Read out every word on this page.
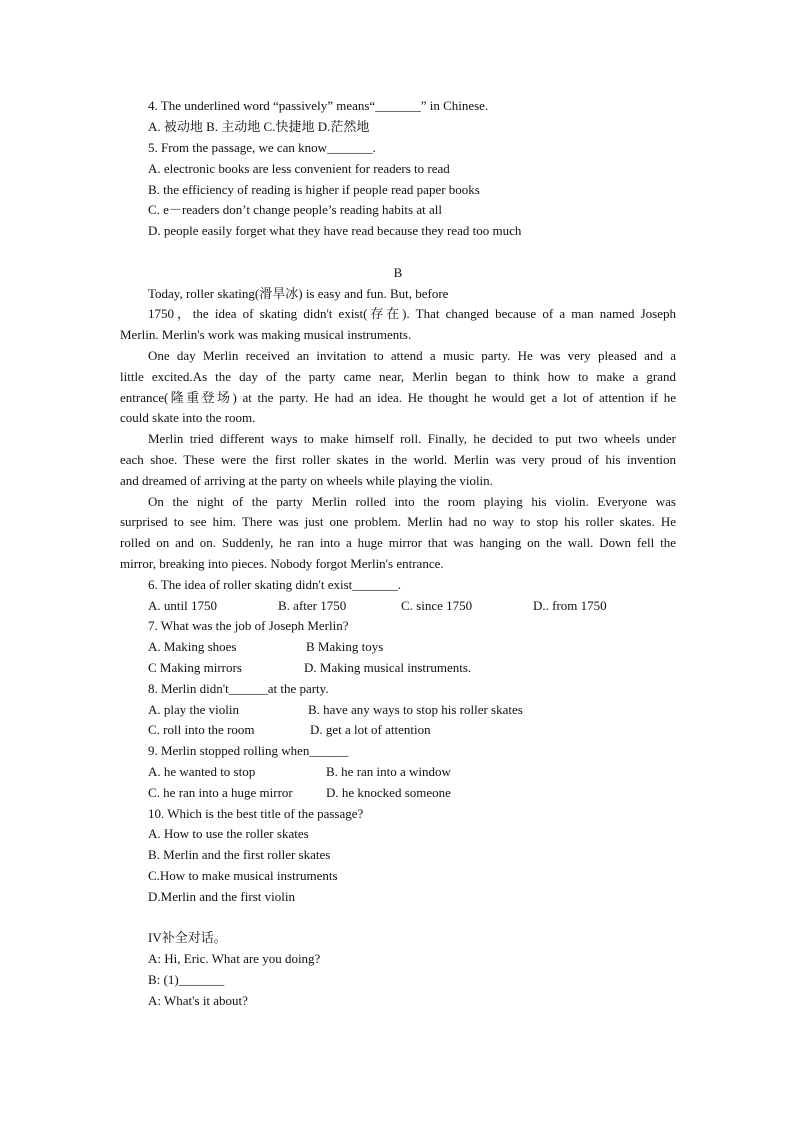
4. The underlined word “passively” means“_______” in Chinese.
A. 被动地 B. 主动地 C.快捷地 D.茫然地
5. From the passage, we can know_______.
A. electronic books are less convenient for readers to read
B. the efficiency of reading is higher if people read paper books
C. e－readers don’t change people’s reading habits at all
D. people easily forget what they have read because they read too much
B
Today, roller skating(滑旱冰) is easy and fun. But, before
1750，the idea of skating didn't exist(存在). That changed because of a man named Joseph
Merlin. Merlin's work was making musical instruments.
One day Merlin received an invitation to attend a music party. He was very pleased and a
little excited.As the day of the party came near, Merlin began to think how to make a grand
entrance(隆重登场) at the party. He had an idea. He thought he would get a lot of attention if he
could skate into the room.
Merlin tried different ways to make himself roll. Finally, he decided to put two wheels under
each shoe. These were the first roller skates in the world. Merlin was very proud of his invention
and dreamed of arriving at the party on wheels while playing the violin.
On the night of the party Merlin rolled into the room playing his violin. Everyone was
surprised to see him. There was just one problem. Merlin had no way to stop his roller skates. He
rolled on and on. Suddenly, he ran into a huge mirror that was hanging on the wall. Down fell the
mirror, breaking into pieces. Nobody forgot Merlin's entrance.
6. The idea of roller skating didn't exist_______.
A. until 1750	B. after 1750	C. since 1750	D.. from 1750
7. What was the job of Joseph Merlin?
A. Making shoes	B Making toys
C Making mirrors	D. Making musical instruments.
8. Merlin didn't______at the party.
A. play the violin	B. have any ways to stop his roller skates
C. roll into the room	D. get a lot of attention
9. Merlin stopped rolling when______
A. he wanted to stop	B. he ran into a window
C. he ran into a huge mirror	D. he knocked someone
10. Which is the best title of the passage?
A. How to use the roller skates
B. Merlin and the first roller skates
C.How to make musical instruments
D.Merlin and the first violin
IV补全对话。
A: Hi, Eric. What are you doing?
B: (1)_______
A: What's it about?
